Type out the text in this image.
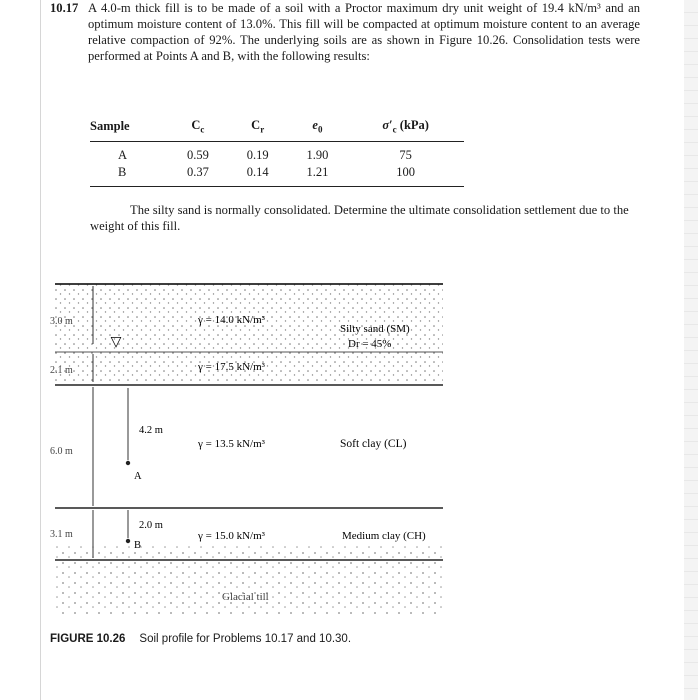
10.17 A 4.0-m thick fill is to be made of a soil with a Proctor maximum dry unit weight of 19.4 kN/m³ and an optimum moisture content of 13.0%. This fill will be compacted at optimum moisture content to an average relative compaction of 92%. The underlying soils are as shown in Figure 10.26. Consolidation tests were performed at Points A and B, with the following results:
Sample	$C_c$	$C_r$	$e_0$	$\sigma'_c$ (kPa)
A	0.59	0.19	1.90	75
B	0.37	0.14	1.21	100
The silty sand is normally consolidated. Determine the ultimate consolidation settlement due to the weight of this fill.
▽
3.0 m
2.1 m
6.0 m
3.1 m
γ = 14.0 kN/m³
γ = 17.5 kN/m³
γ = 13.5 kN/m³
γ = 15.0 kN/m³
Silty sand (SM)
Dr = 45%
Soft clay (CL)
Medium clay (CH)
Glacial till
4.2 m
A
2.0 m
B
FIGURE 10.26 Soil profile for Problems 10.17 and 10.30.
